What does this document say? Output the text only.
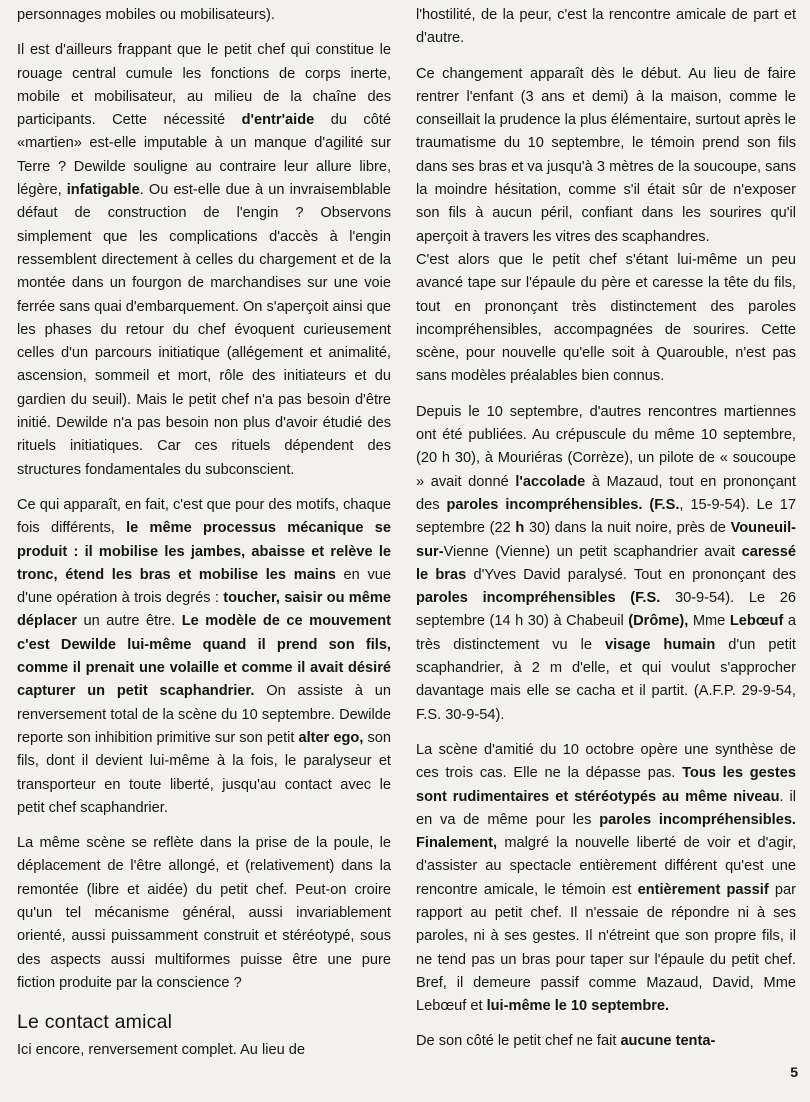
personnages mobiles ou mobilisateurs).

Il est d'ailleurs frappant que le petit chef qui constitue le rouage central cumule les fonctions de corps inerte, mobile et mobilisateur, au milieu de la chaîne des participants. Cette nécessité d'entr'aide du côté «martien» est-elle imputable à un manque d'agilité sur Terre ? Dewilde souligne au contraire leur allure libre, légère, infatigable. Ou est-elle due à un invraisemblable défaut de construction de l'engin ? Observons simplement que les complications d'accès à l'engin ressemblent directement à celles du chargement et de la montée dans un fourgon de marchandises sur une voie ferrée sans quai d'embarquement. On s'aperçoit ainsi que les phases du retour du chef évoquent curieusement celles d'un parcours initiatique (allégement et animalité, ascension, sommeil et mort, rôle des initiateurs et du gardien du seuil). Mais le petit chef n'a pas besoin d'être initié. Dewilde n'a pas besoin non plus d'avoir étudié des rituels initiatiques. Car ces rituels dépendent des structures fondamentales du subconscient.

Ce qui apparaît, en fait, c'est que pour des motifs, chaque fois différents, le même processus mécanique se produit : il mobilise les jambes, abaisse et relève le tronc, étend les bras et mobilise les mains en vue d'une opération à trois degrés : toucher, saisir ou même déplacer un autre être. Le modèle de ce mouvement c'est Dewilde lui-même quand il prend son fils, comme il prenait une volaille et comme il avait désiré capturer un petit scaphandrier. On assiste à un renversement total de la scène du 10 septembre. Dewilde reporte son inhibition primitive sur son petit alter ego, son fils, dont il devient lui-même à la fois, le paralyseur et transporteur en toute liberté, jusqu'au contact avec le petit chef scaphandrier.

La même scène se reflète dans la prise de la poule, le déplacement de l'être allongé, et (relativement) dans la remontée (libre et aidée) du petit chef. Peut-on croire qu'un tel mécanisme général, aussi invariablement orienté, aussi puissamment construit et stéréotypé, sous des aspects aussi multiformes puisse être une pure fiction produite par la conscience ?

Le contact amical

Ici encore, renversement complet. Au lieu de

l'hostilité, de la peur, c'est la rencontre amicale de part et d'autre.

Ce changement apparaît dès le début. Au lieu de faire rentrer l'enfant (3 ans et demi) à la maison, comme le conseillait la prudence la plus élémentaire, surtout après le traumatisme du 10 septembre, le témoin prend son fils dans ses bras et va jusqu'à 3 mètres de la soucoupe, sans la moindre hésitation, comme s'il était sûr de n'exposer son fils à aucun péril, confiant dans les sourires qu'il aperçoit à travers les vitres des scaphandres.

C'est alors que le petit chef s'étant lui-même un peu avancé tape sur l'épaule du père et caresse la tête du fils, tout en prononçant très distinctement des paroles incompréhensibles, accompagnées de sourires. Cette scène, pour nouvelle qu'elle soit à Quarouble, n'est pas sans modèles préalables bien connus.

Depuis le 10 septembre, d'autres rencontres martiennes ont été publiées. Au crépuscule du même 10 septembre, (20 h 30), à Mouriéras (Corrèze), un pilote de « soucoupe » avait donné l'accolade à Mazaud, tout en prononçant des paroles incompréhensibles. (F.S., 15-9-54). Le 17 septembre (22 h 30) dans la nuit noire, près de Vouneuil-sur-Vienne (Vienne) un petit scaphandrier avait caressé le bras d'Yves David paralysé. Tout en prononçant des paroles incompréhensibles (F.S. 30-9-54). Le 26 septembre (14 h 30) à Chabeuil (Drôme), Mme Lebœuf a très distinctement vu le visage humain d'un petit scaphandrier, à 2 m d'elle, et qui voulut s'approcher davantage mais elle se cacha et il partit. (A.F.P. 29-9-54, F.S. 30-9-54).

La scène d'amitié du 10 octobre opère une synthèse de ces trois cas. Elle ne la dépasse pas. Tous les gestes sont rudimentaires et stéréotypés au même niveau. il en va de même pour les paroles incompréhensibles. Finalement, malgré la nouvelle liberté de voir et d'agir, d'assister au spectacle entièrement différent qu'est une rencontre amicale, le témoin est entièrement passif par rapport au petit chef. Il n'essaie de répondre ni à ses paroles, ni à ses gestes. Il n'étreint que son propre fils, il ne tend pas un bras pour taper sur l'épaule du petit chef. Bref, il demeure passif comme Mazaud, David, Mme Lebœuf et lui-même le 10 septembre.

De son côté le petit chef ne fait aucune tenta-

5
